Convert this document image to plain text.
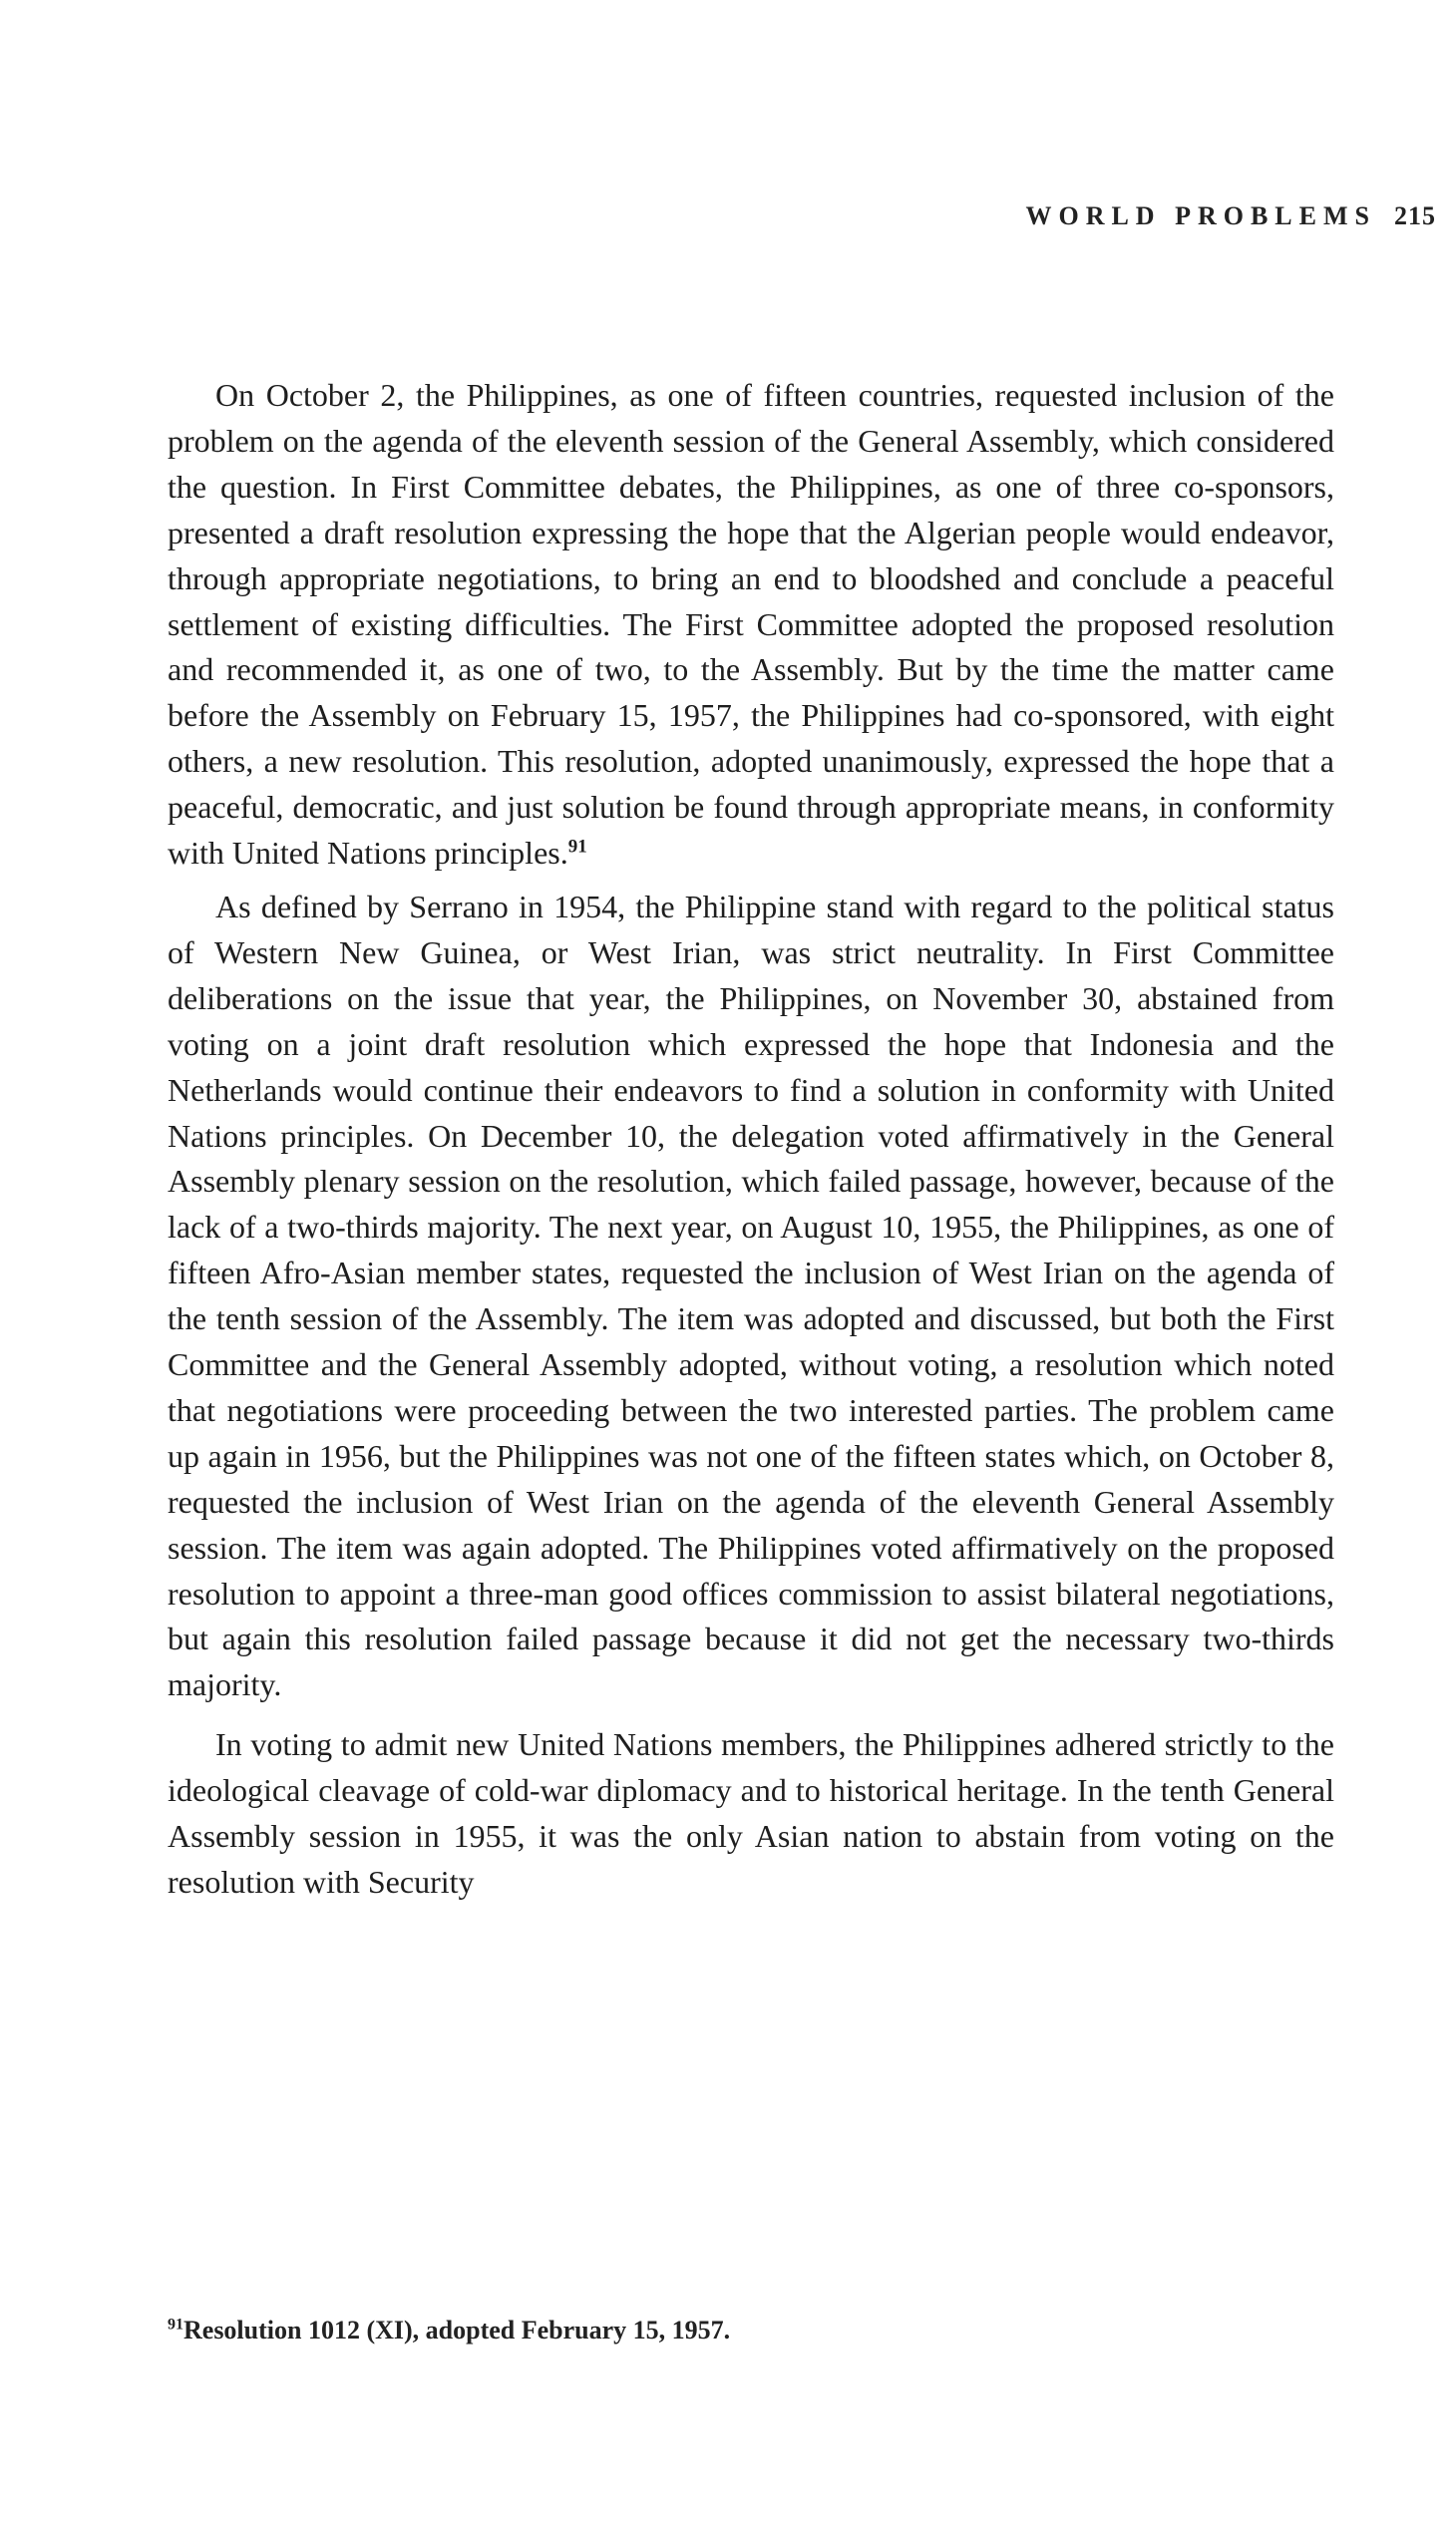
WORLD PROBLEMS 215

On October 2, the Philippines, as one of fifteen countries, requested inclusion of the problem on the agenda of the eleventh session of the General Assembly, which considered the question. In First Committee debates, the Philippines, as one of three co-sponsors, presented a draft resolution expressing the hope that the Algerian people would endeavor, through appropriate negotiations, to bring an end to bloodshed and conclude a peaceful settlement of existing difficulties. The First Committee adopted the proposed resolution and recommended it, as one of two, to the Assembly. But by the time the matter came before the Assembly on February 15, 1957, the Philippines had co-sponsored, with eight others, a new resolution. This resolution, adopted unanimously, expressed the hope that a peaceful, democratic, and just solution be found through appropriate means, in conformity with United Nations principles.$^{91}$

As defined by Serrano in 1954, the Philippine stand with regard to the political status of Western New Guinea, or West Irian, was strict neutrality. In First Committee deliberations on the issue that year, the Philippines, on November 30, abstained from voting on a joint draft resolution which expressed the hope that Indonesia and the Netherlands would continue their endeavors to find a solution in conformity with United Nations principles. On December 10, the delegation voted affirmatively in the General Assembly plenary session on the resolution, which failed passage, however, because of the lack of a two-thirds majority. The next year, on August 10, 1955, the Philippines, as one of fifteen Afro-Asian member states, requested the inclusion of West Irian on the agenda of the tenth session of the Assembly. The item was adopted and discussed, but both the First Committee and the General Assembly adopted, without voting, a resolution which noted that negotiations were proceeding between the two interested parties. The problem came up again in 1956, but the Philippines was not one of the fifteen states which, on October 8, requested the inclusion of West Irian on the agenda of the eleventh General Assembly session. The item was again adopted. The Philippines voted affirmatively on the proposed resolution to appoint a three-man good offices commission to assist bilateral negotiations, but again this resolution failed passage because it did not get the necessary two-thirds majority.

In voting to admit new United Nations members, the Philippines adhered strictly to the ideological cleavage of cold-war diplomacy and to historical heritage. In the tenth General Assembly session in 1955, it was the only Asian nation to abstain from voting on the resolution with Security

$^{91}$Resolution 1012 (XI), adopted February 15, 1957.
